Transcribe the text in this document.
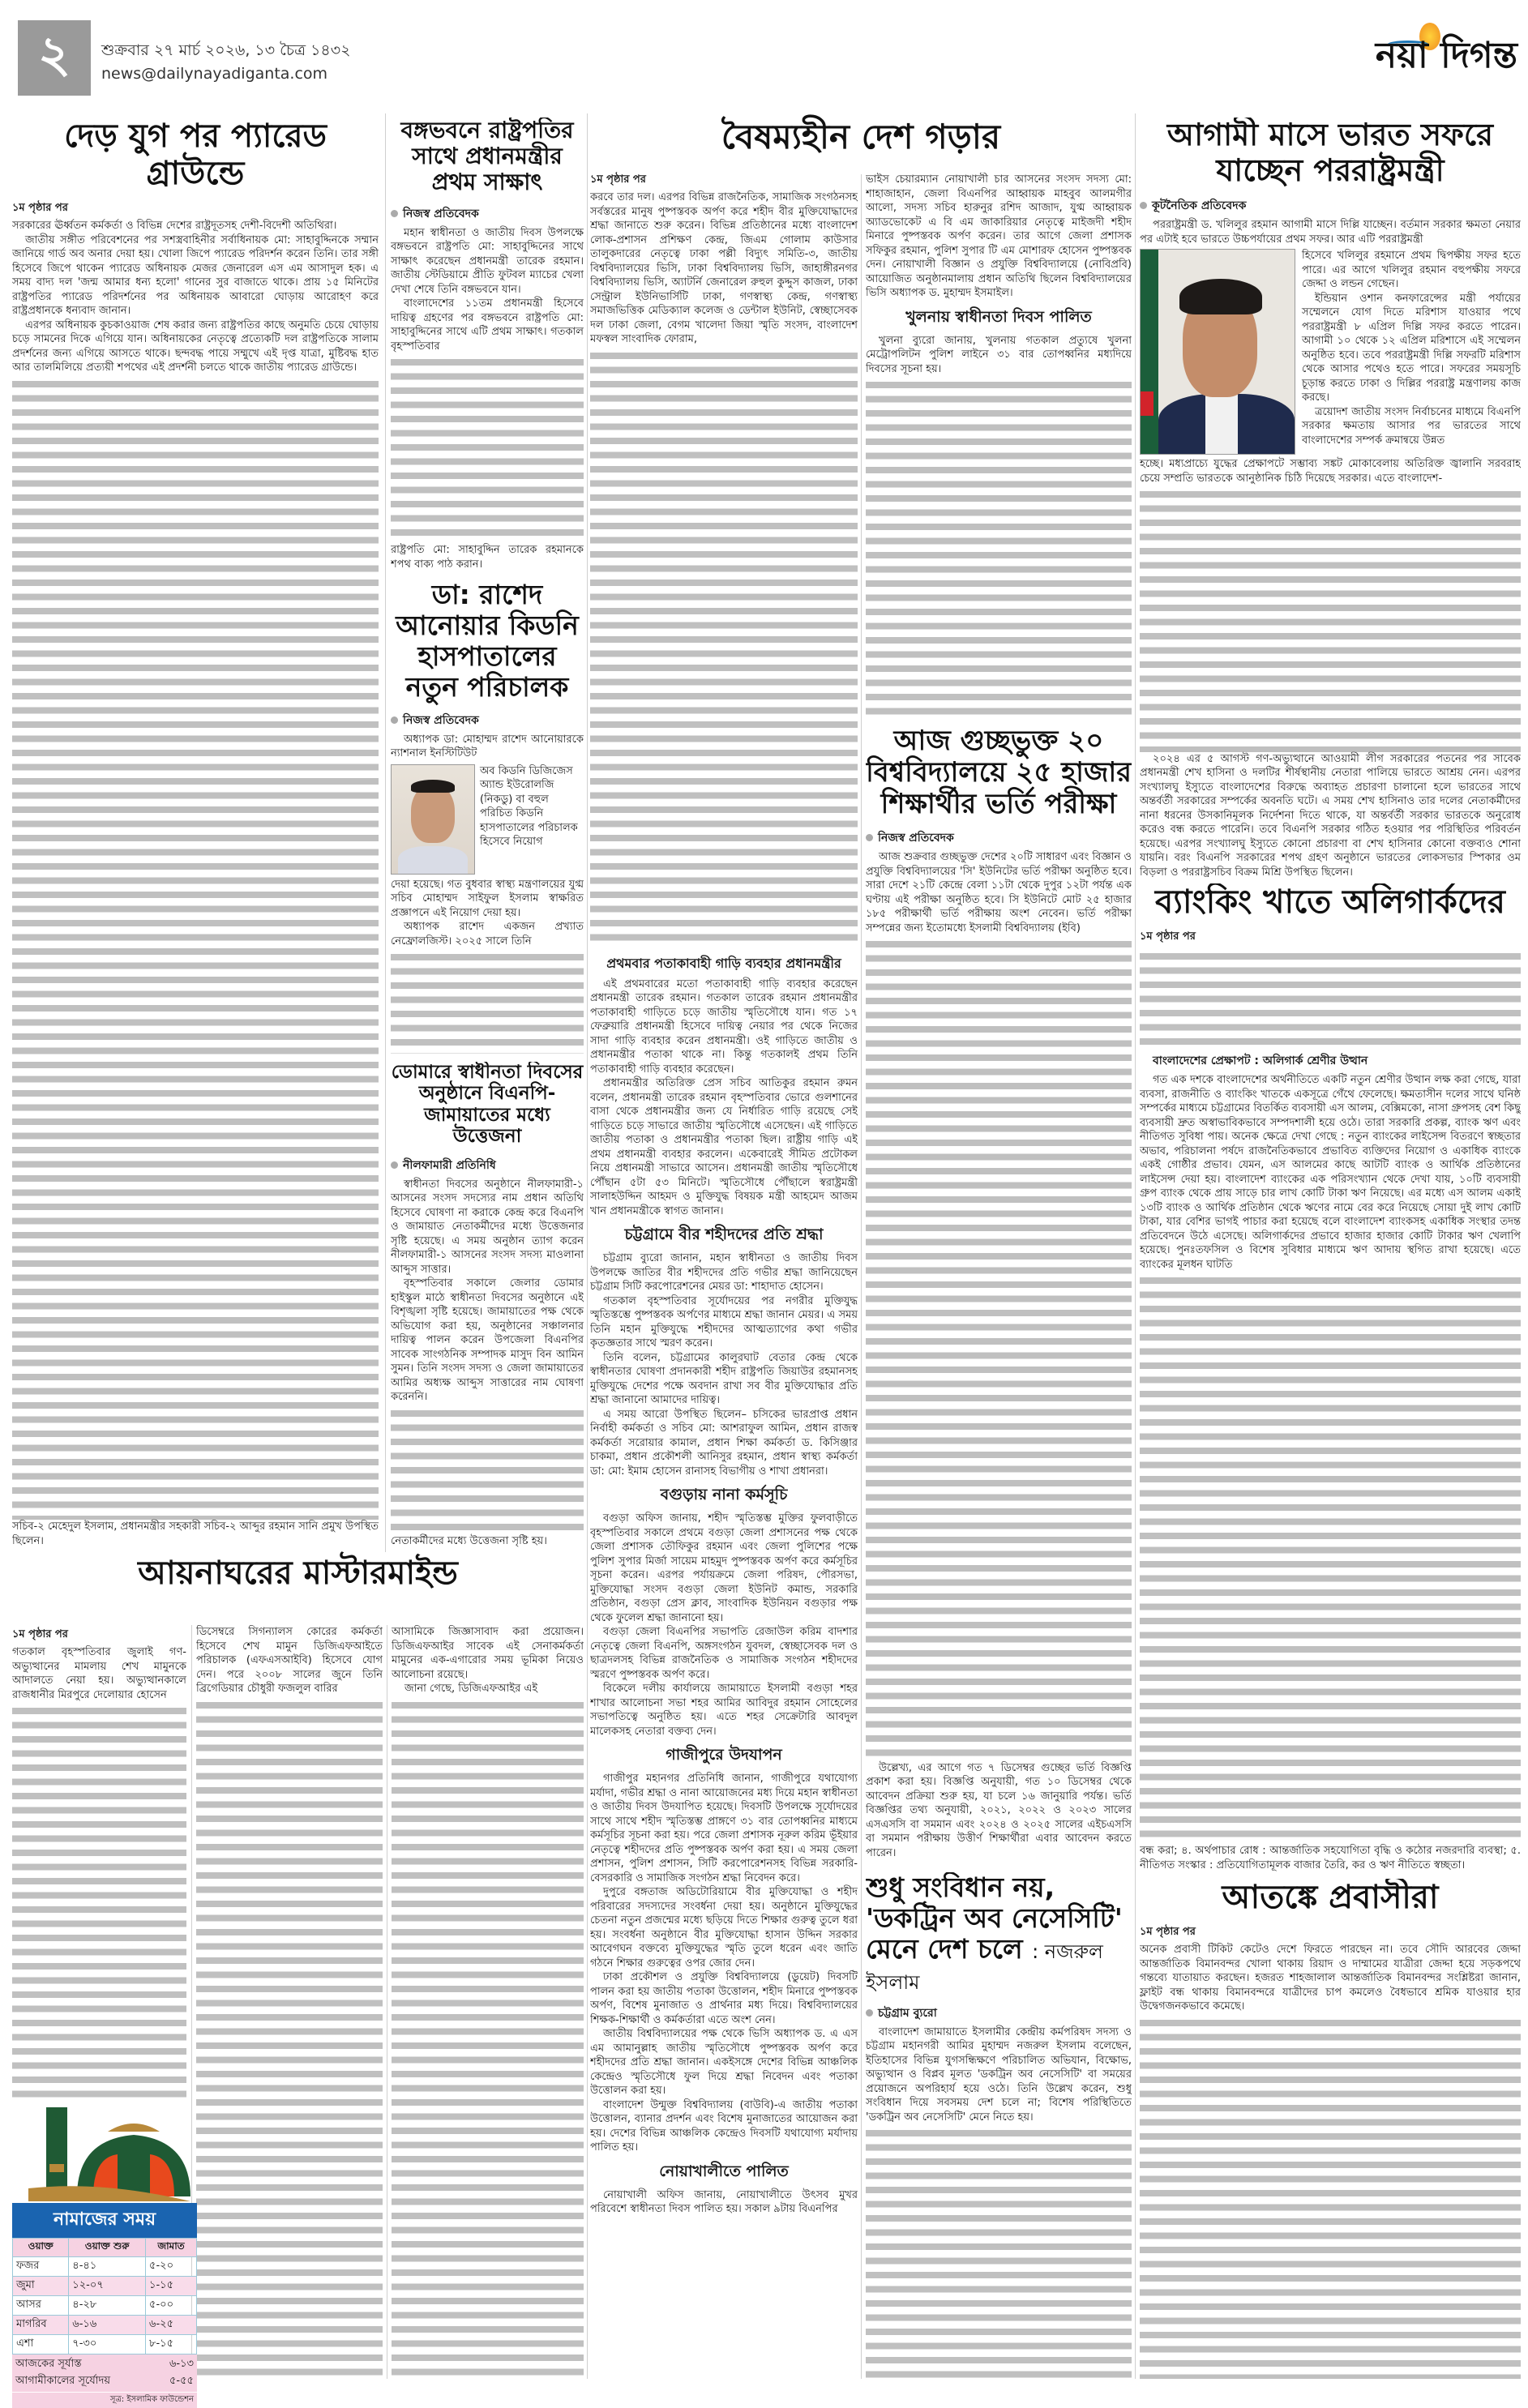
২	শুক্রবার ২৭ মার্চ ২০২৬, ১৩ চৈত্র ১৪৩২
news@dailynayadiganta.com	নয়া দিগন্ত
দেড় যুগ পর প্যারেড গ্রাউন্ডে
১ম পৃষ্ঠার পর

সরকারের ঊর্ধ্বতন কর্মকর্তা ও বিভিন্ন দেশের রাষ্ট্রদূতসহ দেশী-বিদেশী অতিথিরা।

জাতীয় সঙ্গীত পরিবেশনের পর সশস্ত্রবাহিনীর সর্বাধিনায়ক মো: সাহাবুদ্দিনকে সম্মান জানিয়ে গার্ড অব অনার দেয়া হয়। খোলা জিপে প্যারেড পরিদর্শন করেন তিনি। তার সঙ্গী হিসেবে জিপে থাকেন প্যারেড অধিনায়ক মেজর জেনারেল এস এম আসাদুল হক। এ সময় বাদ্য দল 'জন্ম আমার ধন্য হলো' গানের সুর বাজাতে থাকে। প্রায় ১৫ মিনিটের রাষ্ট্রপতির প্যারেড পরিদর্শনের পর অধিনায়ক আবারো ঘোড়ায় আরোহণ করে রাষ্ট্রপ্রধানকে ধন্যবাদ জানান।

এরপর অধিনায়ক কুচকাওয়াজ শেষ করার জন্য রাষ্ট্রপতির কাছে অনুমতি চেয়ে ঘোড়ায় চড়ে সামনের দিকে এগিয়ে যান। অধিনায়কের নেতৃত্বে প্রত্যেকটি দল রাষ্ট্রপতিকে সালাম প্রদর্শনের জন্য এগিয়ে আসতে থাকে। ছন্দবদ্ধ পায়ে সম্মুখে এই দৃপ্ত যাত্রা, মুষ্টিবদ্ধ হাত আর তালমিলিয়ে প্রত্যয়ী শপথের এই প্রদর্শনী চলতে থাকে জাতীয় প্যারেড গ্রাউন্ডে।

সচিব-২ মেহেদুল ইসলাম, প্রধানমন্ত্রীর সহকারী সচিব-২ আব্দুর রহমান সানি প্রমুখ উপস্থিত ছিলেন।

বঙ্গভবনে রাষ্ট্রপতির সাথে প্রধানমন্ত্রীর প্রথম সাক্ষাৎ
নিজস্ব প্রতিবেদক

মহান স্বাধীনতা ও জাতীয় দিবস উপলক্ষে বঙ্গভবনে রাষ্ট্রপতি মো: সাহাবুদ্দিনের সাথে সাক্ষাৎ করেছেন প্রধানমন্ত্রী তারেক রহমান। জাতীয় স্টেডিয়ামে প্রীতি ফুটবল ম্যাচের খেলা দেখা শেষে তিনি বঙ্গভবনে যান।

বাংলাদেশের ১১তম প্রধানমন্ত্রী হিসেবে দায়িত্ব গ্রহণের পর বঙ্গভবনে রাষ্ট্রপতি মো: সাহাবুদ্দিনের সাথে এটি প্রথম সাক্ষাৎ। গতকাল বৃহস্পতিবার

রাষ্ট্রপতি মো: সাহাবুদ্দিন তারেক রহমানকে শপথ বাক্য পাঠ করান।

ডা: রাশেদ আনোয়ার কিডনি হাসপাতালের নতুন পরিচালক
নিজস্ব প্রতিবেদক

অধ্যাপক ডা: মোহাম্মদ রাশেদ আনোয়ারকে ন্যাশনাল ইনস্টিটিউট

অব কিডনি ডিজিজেস অ্যান্ড ইউরোলজি (নিকডু) বা বহুল পরিচিত কিডনি হাসপাতালের পরিচালক হিসেবে নিয়োগ

দেয়া হয়েছে। গত বুধবার স্বাস্থ্য মন্ত্রণালয়ের যুগ্ম সচিব মোহাম্মদ সাইফুল ইসলাম স্বাক্ষরিত প্রজ্ঞাপনে এই নিয়োগ দেয়া হয়।

অধ্যাপক রাশেদ একজন প্রখ্যাত নেফ্রোলজিস্ট। ২০২৫ সালে তিনি

ডোমারে স্বাধীনতা দিবসের অনুষ্ঠানে বিএনপি-জামায়াতের মধ্যে উত্তেজনা
নীলফামারী প্রতিনিধি

স্বাধীনতা দিবসের অনুষ্ঠানে নীলফামারী-১ আসনের সংসদ সদস্যের নাম প্রধান অতিথি হিসেবে ঘোষণা না করাকে কেন্দ্র করে বিএনপি ও জামায়াত নেতাকর্মীদের মধ্যে উত্তেজনার সৃষ্টি হয়েছে। এ সময় অনুষ্ঠান ত্যাগ করেন নীলফামারী-১ আসনের সংসদ সদস্য মাওলানা আব্দুস সাত্তার।

বৃহস্পতিবার সকালে জেলার ডোমার হাইস্কুল মাঠে স্বাধীনতা দিবসের অনুষ্ঠানে এই বিশৃঙ্খলা সৃষ্টি হয়েছে। জামায়াতের পক্ষ থেকে অভিযোগ করা হয়, অনুষ্ঠানের সঞ্চালনার দায়িত্ব পালন করেন উপজেলা বিএনপির সাবেক সাংগঠনিক সম্পাদক মাসুদ বিন আমিন সুমন। তিনি সংসদ সদস্য ও জেলা জামায়াতের আমির অধ্যক্ষ আব্দুস সাত্তারের নাম ঘোষণা করেননি।

নেতাকর্মীদের মধ্যে উত্তেজনা সৃষ্টি হয়।

আয়নাঘরের মাস্টারমাইন্ড
১ম পৃষ্ঠার পর

গতকাল বৃহস্পতিবার জুলাই গণ-অভ্যুত্থানের মামলায় শেখ মামুনকে আদালতে নেয়া হয়। অভ্যুত্থানকালে রাজধানীর মিরপুরে দেলোয়ার হোসেন

ডিসেম্বরে সিগন্যালস কোরের কর্মকর্তা হিসেবে শেখ মামুন ডিজিএফআইতে পরিচালক (এফএসআইবি) হিসেবে যোগ দেন। পরে ২০০৮ সালের জুনে তিনি ব্রিগেডিয়ার চৌধুরী ফজলুল বারির

আসামিকে জিজ্ঞাসাবাদ করা প্রয়োজন। ডিজিএফআইর সাবেক এই সেনাকর্মকর্তা মামুনের এক-এগারোর সময় ভূমিকা নিয়েও আলোচনা রয়েছে।

জানা গেছে, ডিজিএফআইর এই

নামাজের সময়
ওয়াক্ত	ওয়াক্ত শুরু	জামাত
ফজর	৪-৪১	৫-২০
জুমা	১২-০৭	১-১৫
আসর	৪-২৮	৫-০০
মাগরিব	৬-১৬	৬-২৫
এশা	৭-৩০	৮-১৫
আজকের সূর্যাস্ত	৬-১৩
আগামীকালের সূর্যোদয়	৫-৫৫
সূত্র: ইসলামিক ফাউন্ডেশন
বৈষম্যহীন দেশ গড়ার
১ম পৃষ্ঠার পর

করবে তার দল। এরপর বিভিন্ন রাজনৈতিক, সামাজিক সংগঠনসহ সর্বস্তরের মানুষ পুষ্পস্তবক অর্পণ করে শহীদ বীর মুক্তিযোদ্ধাদের শ্রদ্ধা জানাতে শুরু করেন। বিভিন্ন প্রতিষ্ঠানের মধ্যে বাংলাদেশ লোক-প্রশাসন প্রশিক্ষণ কেন্দ্র, জিএম গোলাম কাউসার তালুকদারের নেতৃত্বে ঢাকা পল্লী বিদ্যুৎ সমিতি-৩, জাতীয় বিশ্ববিদ্যালয়ের ভিসি, ঢাকা বিশ্ববিদ্যালয় ভিসি, জাহাঙ্গীরনগর বিশ্ববিদ্যালয় ভিসি, অ্যাটর্নি জেনারেল রুহুল কুদ্দুস কাজল, ঢাকা সেন্ট্রাল ইউনিভার্সিটি ঢাকা, গণস্বাস্থ্য কেন্দ্র, গণস্বাস্থ্য সমাজভিত্তিক মেডিক্যাল কলেজ ও ডেন্টাল ইউনিট, স্বেচ্ছাসেবক দল ঢাকা জেলা, বেগম খালেদা জিয়া স্মৃতি সংসদ, বাংলাদেশ মফস্বল সাংবাদিক ফোরাম,

প্রথমবার পতাকাবাহী গাড়ি ব্যবহার প্রধানমন্ত্রীর

এই প্রথমবারের মতো পতাকাবাহী গাড়ি ব্যবহার করেছেন প্রধানমন্ত্রী তারেক রহমান। গতকাল তারেক রহমান প্রধানমন্ত্রীর পতাকাবাহী গাড়িতে চড়ে জাতীয় স্মৃতিসৌধে যান। গত ১৭ ফেব্রুয়ারি প্রধানমন্ত্রী হিসেবে দায়িত্ব নেয়ার পর থেকে নিজের সাদা গাড়ি ব্যবহার করেন প্রধানমন্ত্রী। ওই গাড়িতে জাতীয় ও প্রধানমন্ত্রীর পতাকা থাকে না। কিন্তু গতকালই প্রথম তিনি পতাকাবাহী গাড়ি ব্যবহার করেছেন।

প্রধানমন্ত্রীর অতিরিক্ত প্রেস সচিব আতিকুর রহমান রুমন বলেন, প্রধানমন্ত্রী তারেক রহমান বৃহস্পতিবার ভোরে গুলশানের বাসা থেকে প্রধানমন্ত্রীর জন্য যে নির্ধারিত গাড়ি রয়েছে সেই গাড়িতে চড়ে সাভারে জাতীয় স্মৃতিসৌধে এসেছেন। এই গাড়িতে জাতীয় পতাকা ও প্রধানমন্ত্রীর পতাকা ছিল। রাষ্ট্রীয় গাড়ি এই প্রথম প্রধানমন্ত্রী ব্যবহার করলেন। একেবারেই সীমিত প্রটোকল নিয়ে প্রধানমন্ত্রী সাভারে আসেন। প্রধানমন্ত্রী জাতীয় স্মৃতিসৌধে পৌঁছান ৫টা ৫৩ মিনিটে। স্মৃতিসৌধে পৌঁছালে স্বরাষ্ট্রমন্ত্রী সালাহউদ্দিন আহমদ ও মুক্তিযুদ্ধ বিষয়ক মন্ত্রী আহমেদ আজম খান প্রধানমন্ত্রীকে স্বাগত জানান।

চট্টগ্রামে বীর শহীদদের প্রতি শ্রদ্ধা

চট্টগ্রাম ব্যুরো জানান, মহান স্বাধীনতা ও জাতীয় দিবস উপলক্ষে জাতির বীর শহীদদের প্রতি গভীর শ্রদ্ধা জানিয়েছেন চট্টগ্রাম সিটি করপোরেশনের মেয়র ডা: শাহাদাত হোসেন।

গতকাল বৃহস্পতিবার সূর্যোদয়ের পর নগরীর মুক্তিযুদ্ধ স্মৃতিস্তম্ভে পুষ্পস্তবক অর্পণের মাধ্যমে শ্রদ্ধা জানান মেয়র। এ সময় তিনি মহান মুক্তিযুদ্ধে শহীদদের আত্মত্যাগের কথা গভীর কৃতজ্ঞতার সাথে স্মরণ করেন।

তিনি বলেন, চট্টগ্রামের কালুরঘাট বেতার কেন্দ্র থেকে স্বাধীনতার ঘোষণা প্রদানকারী শহীদ রাষ্ট্রপতি জিয়াউর রহমানসহ মুক্তিযুদ্ধে দেশের পক্ষে অবদান রাখা সব বীর মুক্তিযোদ্ধার প্রতি শ্রদ্ধা জানানো আমাদের দায়িত্ব।

এ সময় আরো উপস্থিত ছিলেন– চসিকের ভারপ্রাপ্ত প্রধান নির্বাহী কর্মকর্তা ও সচিব মো: আশরাফুল আমিন, প্রধান রাজস্ব কর্মকর্তা সরোয়ার কামাল, প্রধান শিক্ষা কর্মকর্তা ড. কিসিঞ্জার চাকমা, প্রধান প্রকৌশলী আনিসুর রহমান, প্রধান স্বাস্থ্য কর্মকর্তা ডা: মো: ইমাম হোসেন রানাসহ বিভাগীয় ও শাখা প্রধানরা।

বগুড়ায় নানা কর্মসূচি

বগুড়া অফিস জানায়, শহীদ স্মৃতিস্তম্ভ মুক্তির ফুলবাড়ীতে বৃহস্পতিবার সকালে প্রথমে বগুড়া জেলা প্রশাসনের পক্ষ থেকে জেলা প্রশাসক তৌফিকুর রহমান এবং জেলা পুলিশের পক্ষে পুলিশ সুপার মির্জা সায়েম মাহমুদ পুষ্পস্তবক অর্পণ করে কর্মসূচির সূচনা করেন। এরপর পর্যায়ক্রমে জেলা পরিষদ, পৌরসভা, মুক্তিযোদ্ধা সংসদ বগুড়া জেলা ইউনিট কমান্ড, সরকারি প্রতিষ্ঠান, বগুড়া প্রেস ক্লাব, সাংবাদিক ইউনিয়ন বগুড়ার পক্ষ থেকে ফুলেল শ্রদ্ধা জানানো হয়।

বগুড়া জেলা বিএনপির সভাপতি রেজাউল করিম বাদশার নেতৃত্বে জেলা বিএনপি, অঙ্গসংগঠন যুবদল, স্বেচ্ছাসেবক দল ও ছাত্রদলসহ বিভিন্ন রাজনৈতিক ও সামাজিক সংগঠন শহীদদের স্মরণে পুষ্পস্তবক অর্পণ করে।

বিকেলে দলীয় কার্যালয়ে জামায়াতে ইসলামী বগুড়া শহর শাখার আলোচনা সভা শহর আমির আবিদুর রহমান সোহেলের সভাপতিত্বে অনুষ্ঠিত হয়। এতে শহর সেক্রেটারি আবদুল মালেকসহ নেতারা বক্তব্য দেন।

গাজীপুরে উদযাপন

গাজীপুর মহানগর প্রতিনিধি জানান, গাজীপুরে যথাযোগ্য মর্যাদা, গভীর শ্রদ্ধা ও নানা আয়োজনের মধ্য দিয়ে মহান স্বাধীনতা ও জাতীয় দিবস উদযাপিত হয়েছে। দিবসটি উপলক্ষে সূর্যোদয়ের সাথে সাথে শহীদ স্মৃতিস্তম্ভ প্রাঙ্গণে ৩১ বার তোপধ্বনির মাধ্যমে কর্মসূচির সূচনা করা হয়। পরে জেলা প্রশাসক নূরুল করিম ভূঁইয়ার নেতৃত্বে শহীদদের প্রতি পুষ্পস্তবক অর্পণ করা হয়। এ সময় জেলা প্রশাসন, পুলিশ প্রশাসন, সিটি করপোরেশনসহ বিভিন্ন সরকারি-বেসরকারি ও সামাজিক সংগঠন শ্রদ্ধা নিবেদন করে।

দুপুরে বঙ্গতাজ অডিটোরিয়ামে বীর মুক্তিযোদ্ধা ও শহীদ পরিবারের সদস্যদের সংবর্ধনা দেয়া হয়। অনুষ্ঠানে মুক্তিযুদ্ধের চেতনা নতুন প্রজন্মের মধ্যে ছড়িয়ে দিতে শিক্ষার গুরুত্ব তুলে ধরা হয়। সংবর্ধনা অনুষ্ঠানে বীর মুক্তিযোদ্ধা হাসান উদ্দিন সরকার আবেগঘন বক্তব্যে মুক্তিযুদ্ধের স্মৃতি তুলে ধরেন এবং জাতি গঠনে শিক্ষার গুরুত্বের ওপর জোর দেন।

ঢাকা প্রকৌশল ও প্রযুক্তি বিশ্ববিদ্যালয়ে (ডুয়েট) দিবসটি পালন করা হয় জাতীয় পতাকা উত্তোলন, শহীদ মিনারে পুষ্পস্তবক অর্পণ, বিশেষ মুনাজাত ও প্রার্থনার মধ্য দিয়ে। বিশ্ববিদ্যালয়ের শিক্ষক-শিক্ষার্থী ও কর্মকর্তারা এতে অংশ নেন।

জাতীয় বিশ্ববিদ্যালয়ের পক্ষ থেকে ভিসি অধ্যাপক ড. এ এস এম আমানুল্লাহ জাতীয় স্মৃতিসৌধে পুষ্পস্তবক অর্পণ করে শহীদদের প্রতি শ্রদ্ধা জানান। একইসঙ্গে দেশের বিভিন্ন আঞ্চলিক কেন্দ্রেও স্মৃতিসৌধে ফুল দিয়ে শ্রদ্ধা নিবেদন এবং পতাকা উত্তোলন করা হয়।

বাংলাদেশ উন্মুক্ত বিশ্ববিদ্যালয় (বাউবি)-এ জাতীয় পতাকা উত্তোলন, ব্যানার প্রদর্শন এবং বিশেষ মুনাজাতের আয়োজন করা হয়। দেশের বিভিন্ন আঞ্চলিক কেন্দ্রেও দিবসটি যথাযোগ্য মর্যাদায় পালিত হয়।

নোয়াখালীতে পালিত

নোয়াখালী অফিস জানায়, নোয়াখালীতে উৎসব মুখর পরিবেশে স্বাধীনতা দিবস পালিত হয়। সকাল ৯টায় বিএনপির

ভাইস চেয়ারম্যান নোয়াখালী চার আসনের সংসদ সদস্য মো: শাহাজাহান, জেলা বিএনপির আহ্বায়ক মাহবুব আলমগীর আলো, সদস্য সচিব হারুনুর রশিদ আজাদ, যুগ্ম আহ্বায়ক অ্যাডভোকেট এ বি এম জাকারিয়ার নেতৃত্বে মাইজদী শহীদ মিনারে পুষ্পস্তবক অর্পণ করেন। তার আগে জেলা প্রশাসক সফিকুর রহমান, পুলিশ সুপার টি এম মোশারফ হোসেন পুষ্পস্তবক দেন। নোয়াখালী বিজ্ঞান ও প্রযুক্তি বিশ্ববিদ্যালয়ে (নোবিপ্রবি) আয়োজিত অনুষ্ঠানমালায় প্রধান অতিথি ছিলেন বিশ্ববিদ্যালয়ের ভিসি অধ্যাপক ড. মুহাম্মদ ইসমাইল।

খুলনায় স্বাধীনতা দিবস পালিত

খুলনা ব্যুরো জানায়, খুলনায় গতকাল প্রত্যুষে খুলনা মেট্রোপলিটন পুলিশ লাইনে ৩১ বার তোপধ্বনির মধ্যদিয়ে দিবসের সূচনা হয়।

আজ গুচ্ছভুক্ত ২০ বিশ্ববিদ্যালয়ে ২৫ হাজার শিক্ষার্থীর ভর্তি পরীক্ষা
নিজস্ব প্রতিবেদক

আজ শুক্রবার গুচ্ছভুক্ত দেশের ২০টি সাধারণ এবং বিজ্ঞান ও প্রযুক্তি বিশ্ববিদ্যালয়ের 'সি' ইউনিটের ভর্তি পরীক্ষা অনুষ্ঠিত হবে। সারা দেশে ২১টি কেন্দ্রে বেলা ১১টা থেকে দুপুর ১২টা পর্যন্ত এক ঘণ্টায় এই পরীক্ষা অনুষ্ঠিত হবে। সি ইউনিটে মোট ২৫ হাজার ১৮৫ পরীক্ষার্থী ভর্তি পরীক্ষায় অংশ নেবেন। ভর্তি পরীক্ষা সম্পন্নের জন্য ইতোমধ্যে ইসলামী বিশ্ববিদ্যালয় (ইবি)

উল্লেখ্য, এর আগে গত ৭ ডিসেম্বর গুচ্ছের ভর্তি বিজ্ঞপ্তি প্রকাশ করা হয়। বিজ্ঞপ্তি অনুযায়ী, গত ১০ ডিসেম্বর থেকে আবেদন প্রক্রিয়া শুরু হয়, যা চলে ১৬ জানুয়ারি পর্যন্ত। ভর্তি বিজ্ঞপ্তির তথ্য অনুযায়ী, ২০২১, ২০২২ ও ২০২৩ সালের এসএসসি বা সমমান এবং ২০২৪ ও ২০২৫ সালের এইচএসসি বা সমমান পরীক্ষায় উত্তীর্ণ শিক্ষার্থীরা এবার আবেদন করতে পারেন।

শুধু সংবিধান নয়, 'ডকট্রিন অব নেসেসিটি' মেনে দেশ চলে : নজরুল ইসলাম
চট্টগ্রাম ব্যুরো

বাংলাদেশ জামায়াতে ইসলামীর কেন্দ্রীয় কর্মপরিষদ সদস্য ও চট্টগ্রাম মহানগরী আমির মুহাম্মদ নজরুল ইসলাম বলেছেন, ইতিহাসের বিভিন্ন যুগসন্ধিক্ষণে পরিচালিত অভিযান, বিক্ষোভ, অভ্যুত্থান ও বিপ্লব মূলত 'ডকট্রিন অব নেসেসিটি' বা সময়ের প্রয়োজনে অপরিহার্য হয়ে ওঠে। তিনি উল্লেখ করেন, শুধু সংবিধান দিয়ে সবসময় দেশ চলে না; বিশেষ পরিস্থিতিতে 'ডকট্রিন অব নেসেসিটি' মেনে নিতে হয়।

আগামী মাসে ভারত সফরে যাচ্ছেন পররাষ্ট্রমন্ত্রী
কূটনৈতিক প্রতিবেদক

পররাষ্ট্রমন্ত্রী ড. খলিলুর রহমান আগামী মাসে দিল্লি যাচ্ছেন। বর্তমান সরকার ক্ষমতা নেয়ার পর এটাই হবে ভারতে উচ্চপর্যায়ের প্রথম সফর। আর এটি পররাষ্ট্রমন্ত্রী

হিসেবে খলিলুর রহমানে প্রথম দ্বিপক্ষীয় সফর হতে পারে। এর আগে খলিলুর রহমান বহুপক্ষীয় সফরে জেদ্দা ও লন্ডন গেছেন।

ইন্ডিয়ান ওশান কনফারেন্সের মন্ত্রী পর্যায়ের সম্মেলনে যোগ দিতে মরিশাস যাওয়ার পথে পররাষ্ট্রমন্ত্রী ৮ এপ্রিল দিল্লি সফর করতে পারেন। আগামী ১০ থেকে ১২ এপ্রিল মরিশাসে এই সম্মেলন অনুষ্ঠিত হবে। তবে পররাষ্ট্রমন্ত্রী দিল্লি সফরটি মরিশাস থেকে আসার পথেও হতে পারে। সফরের সময়সূচি চূড়ান্ত করতে ঢাকা ও দিল্লির পররাষ্ট্র মন্ত্রণালয় কাজ করছে।

ত্রয়োদশ জাতীয় সংসদ নির্বাচনের মাধ্যমে বিএনপি সরকার ক্ষমতায় আসার পর ভারতের সাথে বাংলাদেশের সম্পর্ক ক্রমান্বয়ে উন্নত

হচ্ছে। মধ্যপ্রাচ্যে যুদ্ধের প্রেক্ষাপটে সম্ভাব্য সঙ্কট মোকাবেলায় অতিরিক্ত জ্বালানি সরবরাহ চেয়ে সম্প্রতি ভারতকে আনুষ্ঠানিক চিঠি দিয়েছে সরকার। এতে বাংলাদেশ-

২০২৪ এর ৫ আগস্ট গণ-অভ্যুত্থানে আওয়ামী লীগ সরকারের পতনের পর সাবেক প্রধানমন্ত্রী শেখ হাসিনা ও দলটির শীর্ষস্থানীয় নেতারা পালিয়ে ভারতে আশ্রয় নেন। এরপর সংখ্যালঘু ইস্যুতে বাংলাদেশের বিরুদ্ধে অব্যাহত প্রচারণা চালানো হলে ভারতের সাথে অন্তর্বর্তী সরকারের সম্পর্কের অবনতি ঘটে। এ সময় শেখ হাসিনাও তার দলের নেতাকর্মীদের নানা ধরনের উসকানিমূলক নির্দেশনা দিতে থাকে, যা অন্তর্বর্তী সরকার ভারতকে অনুরোধ করেও বন্ধ করতে পারেনি। তবে বিএনপি সরকার গঠিত হওয়ার পর পরিস্থিতির পরিবর্তন হয়েছে। এরপর সংখ্যালঘু ইস্যুতে কোনো প্রচারণা বা শেখ হাসিনার কোনো বক্তব্যও শোনা যায়নি। বরং বিএনপি সরকারের শপথ গ্রহণ অনুষ্ঠানে ভারতের লোকসভার স্পিকার ওম বিড়লা ও পররাষ্ট্রসচিব বিক্রম মিশ্রি উপস্থিত ছিলেন।

ব্যাংকিং খাতে অলিগার্কদের
১ম পৃষ্ঠার পর
বাংলাদেশের প্রেক্ষাপট : অলিগার্ক শ্রেণীর উত্থান

গত এক দশকে বাংলাদেশের অর্থনীতিতে একটি নতুন শ্রেণীর উত্থান লক্ষ করা গেছে, যারা ব্যবসা, রাজনীতি ও ব্যাংকিং খাতকে একসূত্রে গেঁথে ফেলেছে। ক্ষমতাসীন দলের সাথে ঘনিষ্ঠ সম্পর্কের মাধ্যমে চট্টগ্রামের বিতর্কিত ব্যবসায়ী এস আলম, বেক্সিমকো, নাসা গ্রুপসহ বেশ কিছু ব্যবসায়ী দ্রুত অস্বাভাবিকভাবে সম্পদশালী হয়ে ওঠে। তারা সরকারি প্রকল্প, ব্যাংক ঋণ এবং নীতিগত সুবিধা পায়। অনেক ক্ষেত্রে দেখা গেছে : নতুন ব্যাংকের লাইসেন্স বিতরণে স্বচ্ছতার অভাব, পরিচালনা পর্ষদে রাজনৈতিকভাবে প্রভাবিত ব্যক্তিদের নিয়োগ ও একাধিক ব্যাংকে একই গোষ্ঠীর প্রভাব। যেমন, এস আলমের কাছে আটটি ব্যাংক ও আর্থিক প্রতিষ্ঠানের লাইসেন্স দেয়া হয়। বাংলাদেশ ব্যাংকের এক পরিসংখ্যান থেকে দেখা যায়, ১০টি ব্যবসায়ী গ্রুপ ব্যাংক থেকে প্রায় সাড়ে চার লাখ কোটি টাকা ঋণ নিয়েছে। এর মধ্যে এস আলম একাই ১৩টি ব্যাংক ও আর্থিক প্রতিষ্ঠান থেকে ঋণের নামে বের করে নিয়েছে সোয়া দুই লাখ কোটি টাকা, যার বেশির ভাগই পাচার করা হয়েছে বলে বাংলাদেশ ব্যাংকসহ একাধিক সংস্থার তদন্ত প্রতিবেদনে উঠে এসেছে। অলিগার্কদের প্রভাবে হাজার হাজার কোটি টাকার ঋণ খেলাপি হয়েছে। পুনঃতফসিল ও বিশেষ সুবিধার মাধ্যমে ঋণ আদায় স্থগিত রাখা হয়েছে। এতে ব্যাংকের মূলধন ঘাটতি

বন্ধ করা; ৪. অর্থপাচার রোধ : আন্তর্জাতিক সহযোগিতা বৃদ্ধি ও কঠোর নজরদারি ব্যবস্থা; ৫. নীতিগত সংস্কার : প্রতিযোগিতামূলক বাজার তৈরি, কর ও ঋণ নীতিতে স্বচ্ছতা।

আতঙ্কে প্রবাসীরা
১ম পৃষ্ঠার পর

অনেক প্রবাসী টিকিট কেটেও দেশে ফিরতে পারছেন না। তবে সৌদি আরবের জেদ্দা আন্তর্জাতিক বিমানবন্দর খোলা থাকায় রিয়াদ ও দাম্মামের যাত্রীরা জেদ্দা হয়ে সড়কপথে গন্তব্যে যাতায়াত করছেন। হজরত শাহজালাল আন্তর্জাতিক বিমানবন্দর সংশ্লিষ্টরা জানান, ফ্লাইট বন্ধ থাকায় বিমানবন্দরে যাত্রীদের চাপ কমলেও বৈধভাবে শ্রমিক যাওয়ার হার উদ্বেগজনকভাবে কমেছে।
